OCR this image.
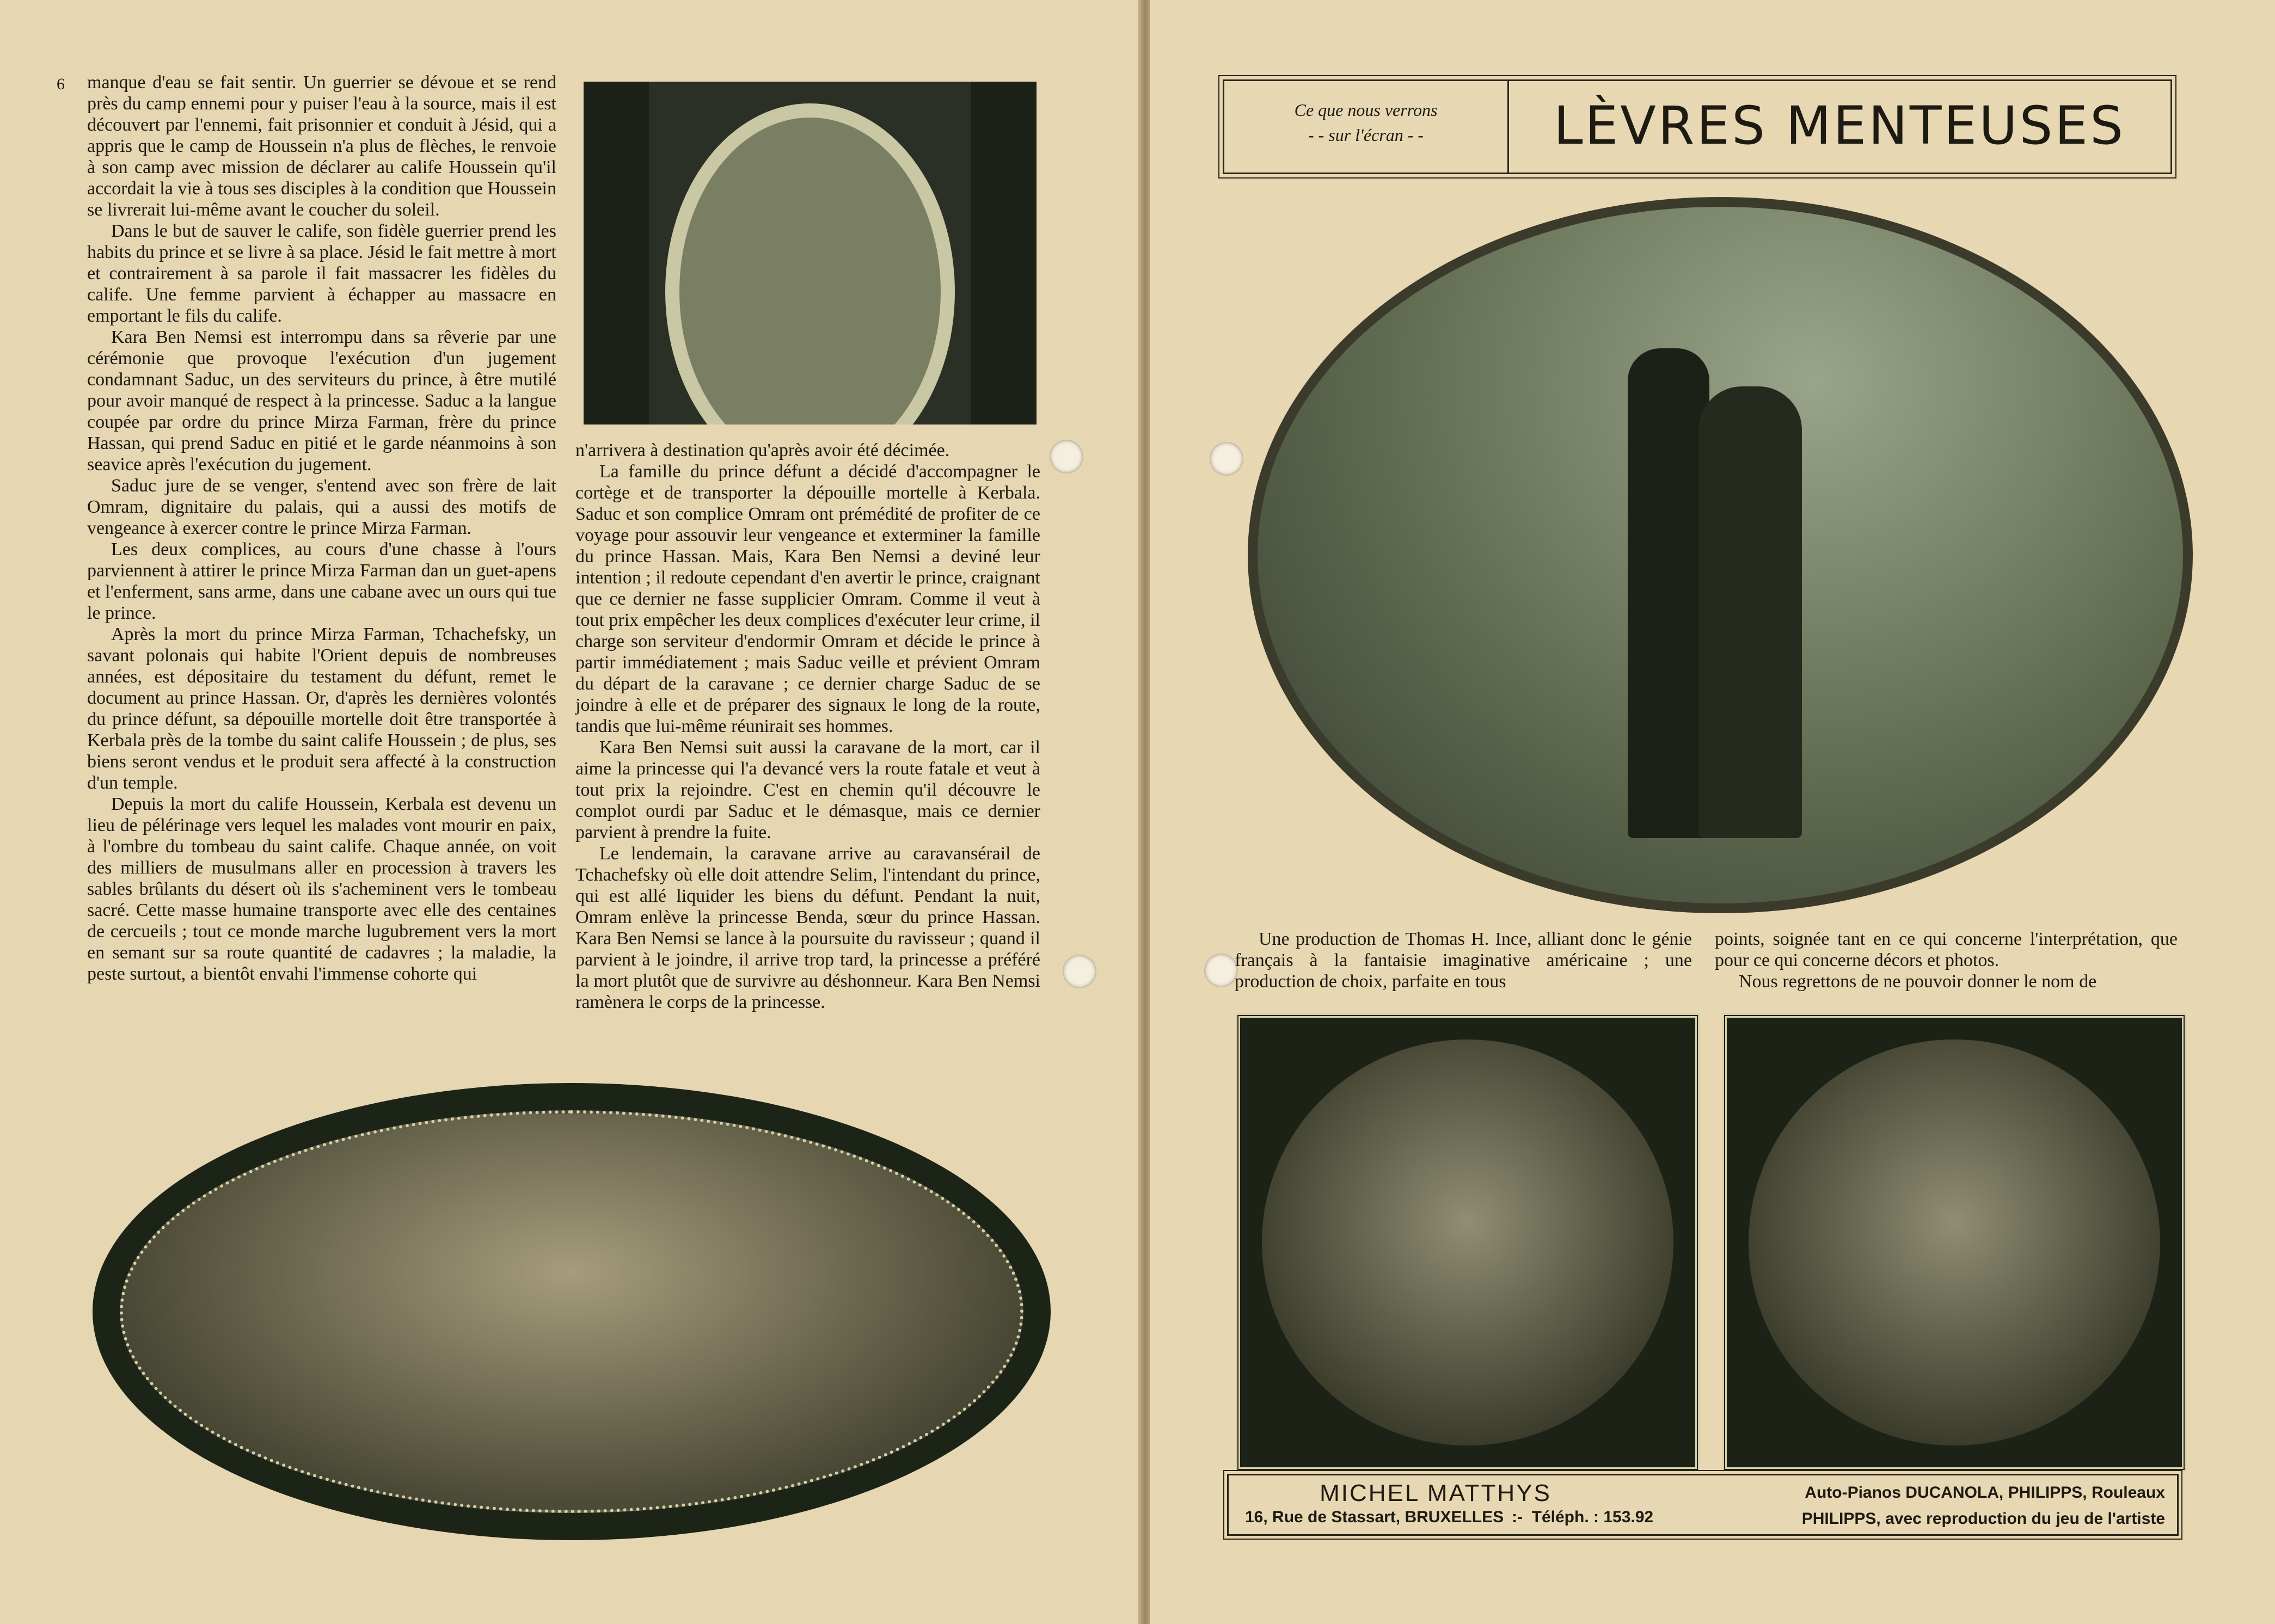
6 manque d'eau se fait sentir. Un guerrier se dévoue et se rend près du camp ennemi pour y puiser l'eau à la source, mais il est découvert par l'ennemi, fait prisonnier et conduit à Jésid, qui a appris que le camp de Houssein n'a plus de flèches, le renvoie à son camp avec mission de déclarer au calife Houssein qu'il accordait la vie à tous ses disciples à la condition que Houssein se livrerait lui-même avant le coucher du soleil.

Dans le but de sauver le calife, son fidèle guerrier prend les habits du prince et se livre à sa place. Jésid le fait mettre à mort et contrairement à sa parole il fait massacrer les fidèles du calife. Une femme parvient à échapper au massacre en emportant le fils du calife.

Kara Ben Nemsi est interrompu dans sa rêverie par une cérémonie que provoque l'exécution d'un jugement condamnant Saduc, un des serviteurs du prince, à être mutilé pour avoir manqué de respect à la princesse. Saduc a la langue coupée par ordre du prince Mirza Farman, frère du prince Hassan, qui prend Saduc en pitié et le garde néanmoins à son seavice après l'exécution du jugement.

Saduc jure de se venger, s'entend avec son frère de lait Omram, dignitaire du palais, qui a aussi des motifs de vengeance à exercer contre le prince Mirza Farman.

Les deux complices, au cours d'une chasse à l'ours parviennent à attirer le prince Mirza Farman dan un guet-apens et l'enferment, sans arme, dans une cabane avec un ours qui tue le prince.

Après la mort du prince Mirza Farman, Tchachefsky, un savant polonais qui habite l'Orient depuis de nombreuses années, est dépositaire du testament du défunt, remet le document au prince Hassan. Or, d'après les dernières volontés du prince défunt, sa dépouille mortelle doit être transportée à Kerbala près de la tombe du saint calife Houssein ; de plus, ses biens seront vendus et le produit sera affecté à la construction d'un temple.

Depuis la mort du calife Houssein, Kerbala est devenu un lieu de pélérinage vers lequel les malades vont mourir en paix, à l'ombre du tombeau du saint calife. Chaque année, on voit des milliers de musulmans aller en procession à travers les sables brûlants du désert où ils s'acheminent vers le tombeau sacré. Cette masse humaine transporte avec elle des centaines de cercueils ; tout ce monde marche lugubrement vers la mort en semant sur sa route quantité de cadavres ; la maladie, la peste surtout, a bientôt envahi l'immense cohorte qui

n'arrivera à destination qu'après avoir été décimée.

La famille du prince défunt a décidé d'accompagner le cortège et de transporter la dépouille mortelle à Kerbala. Saduc et son complice Omram ont prémédité de profiter de ce voyage pour assouvir leur vengeance et exterminer la famille du prince Hassan. Mais, Kara Ben Nemsi a deviné leur intention ; il redoute cependant d'en avertir le prince, craignant que ce dernier ne fasse supplicier Omram. Comme il veut à tout prix empêcher les deux complices d'exécuter leur crime, il charge son serviteur d'endormir Omram et décide le prince à partir immédiatement ; mais Saduc veille et prévient Omram du départ de la caravane ; ce dernier charge Saduc de se joindre à elle et de préparer des signaux le long de la route, tandis que lui-même réunirait ses hommes.

Kara Ben Nemsi suit aussi la caravane de la mort, car il aime la princesse qui l'a devancé vers la route fatale et veut à tout prix la rejoindre. C'est en chemin qu'il découvre le complot ourdi par Saduc et le démasque, mais ce dernier parvient à prendre la fuite.

Le lendemain, la caravane arrive au caravansérail de Tchachefsky où elle doit attendre Selim, l'intendant du prince, qui est allé liquider les biens du défunt. Pendant la nuit, Omram enlève la princesse Benda, sœur du prince Hassan. Kara Ben Nemsi se lance à la poursuite du ravisseur ; quand il parvient à le joindre, il arrive trop tard, la princesse a préféré la mort plutôt que de survivre au déshonneur. Kara Ben Nemsi ramènera le corps de la princesse.

Ce que nous verrons
- - sur l'écran - -	LÈVRES MENTEUSES

Une production de Thomas H. Ince, alliant donc le génie français à la fantaisie imaginative américaine ; une production de choix, parfaite en tous

points, soignée tant en ce qui concerne l'interprétation, que pour ce qui concerne décors et photos.

Nous regrettons de ne pouvoir donner le nom de

MICHEL MATTHYS
16, Rue de Stassart, BRUXELLES :- Téléph. : 153.92
Auto-Pianos DUCANOLA, PHILIPPS, Rouleaux
PHILIPPS, avec reproduction du jeu de l'artiste
